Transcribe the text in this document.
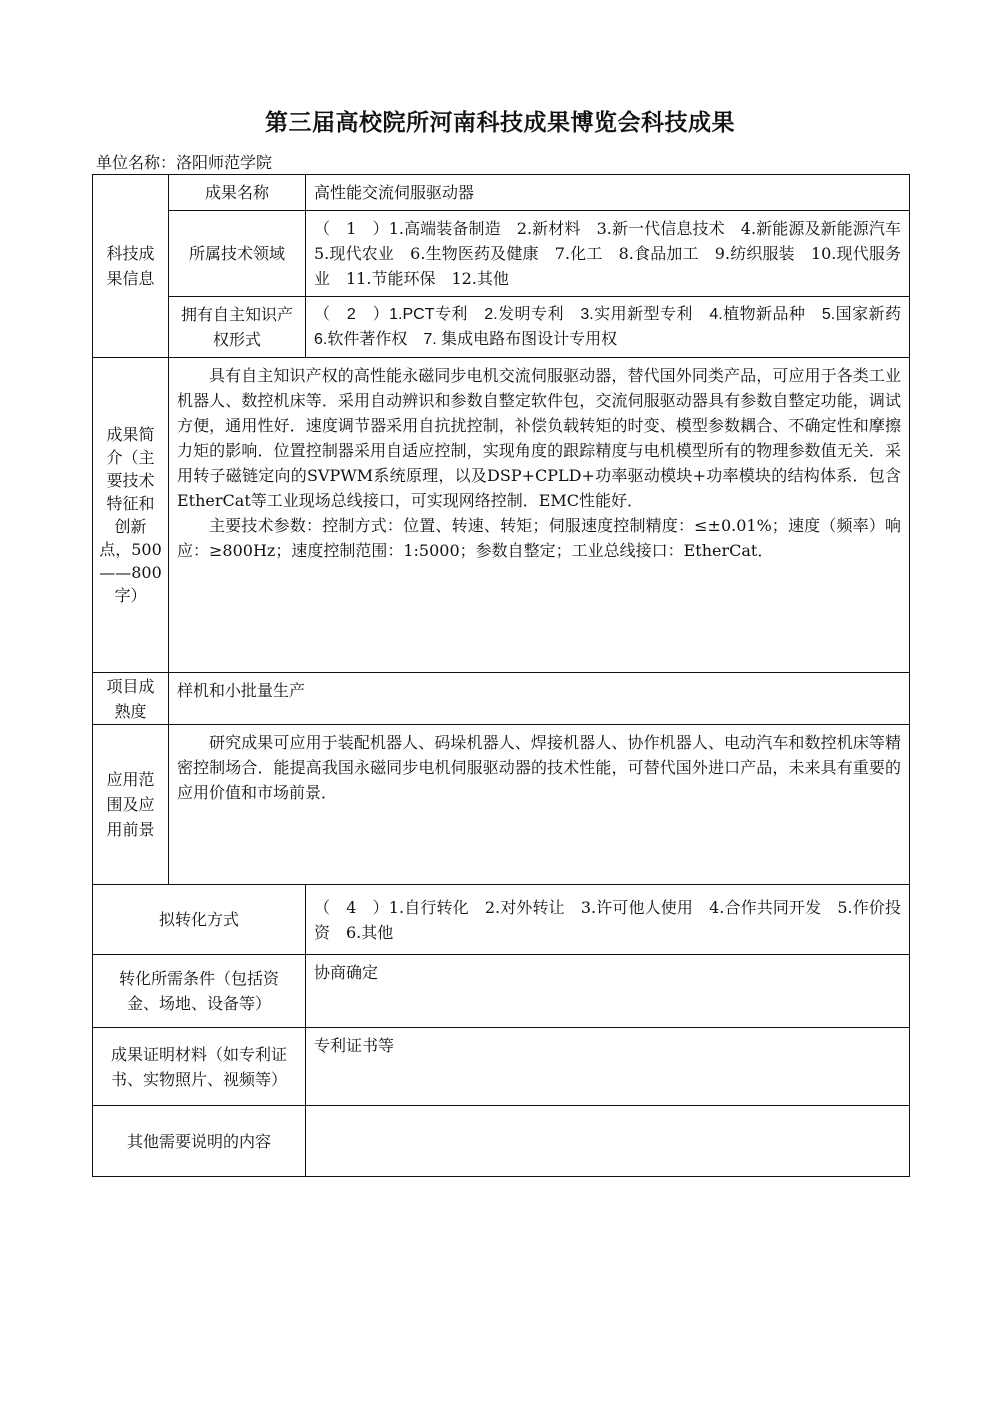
第三届高校院所河南科技成果博览会科技成果
单位名称：洛阳师范学院
科技成果信息	成果名称	高性能交流伺服驱动器
	所属技术领域	（　1　）1.高端装备制造　2.新材料　3.新一代信息技术　4.新能源及新能源汽车　5.现代农业　6.生物医药及健康　7.化工　8.食品加工　9.纺织服装　10.现代服务业　11.节能环保　12.其他
	拥有自主知识产权形式	（　2　）1.PCT专利　2.发明专利　3.实用新型专利　4.植物新品种　5.国家新药　6.软件著作权　7. 集成电路布图设计专用权
成果简介（主要技术特征和创新点，500——800字）	具有自主知识产权的高性能永磁同步电机交流伺服驱动器，替代国外同类产品，可应用于各类工业机器人、数控机床等．采用自动辨识和参数自整定软件包，交流伺服驱动器具有参数自整定功能，调试方便，通用性好．速度调节器采用自抗扰控制，补偿负载转矩的时变、模型参数耦合、不确定性和摩擦力矩的影响．位置控制器采用自适应控制，实现角度的跟踪精度与电机模型所有的物理参数值无关．采用转子磁链定向的SVPWM系统原理，以及DSP+CPLD+功率驱动模块+功率模块的结构体系．包含EtherCat等工业现场总线接口，可实现网络控制．EMC性能好．

主要技术参数：控制方式：位置、转速、转矩；伺服速度控制精度：≤±0.01%；速度（频率）响应：≥800Hz；速度控制范围：1:5000；参数自整定；工业总线接口：EtherCat．	

项目成熟度	样机和小批量生产	
应用范围及应用前景	研究成果可应用于装配机器人、码垛机器人、焊接机器人、协作机器人、电动汽车和数控机床等精密控制场合．能提高我国永磁同步电机伺服驱动器的技术性能，可替代国外进口产品，未来具有重要的应用价值和市场前景．	

拟转化方式		（　4　）1.自行转化　2.对外转让　3.许可他人使用　4.合作共同开发　5.作价投资　6.其他
转化所需条件（包括资金、场地、设备等）		协商确定
成果证明材料（如专利证书、实物照片、视频等）		专利证书等
其他需要说明的内容		
